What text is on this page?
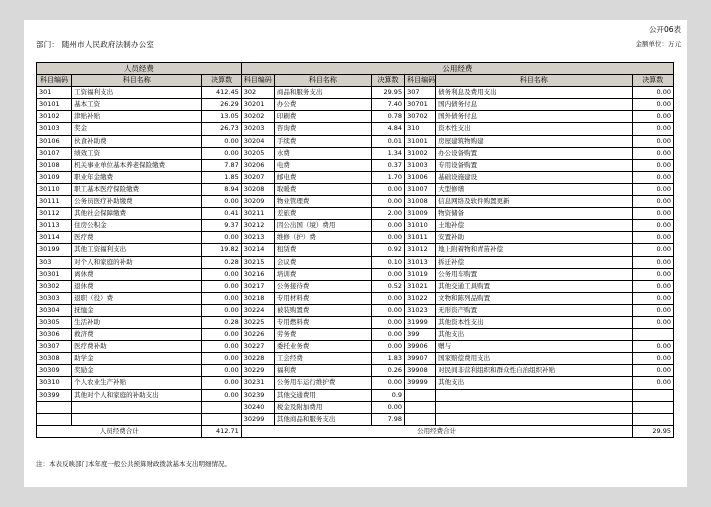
公开06表
部门： 随州市人民政府法制办公室	金额单位：万元
人员经费			公用经费					
科目编码	科目名称	决算数	科目编码	科目名称	决算数	科目编码	科目名称	决算数
301	工资福利支出	412.45	302	商品和服务支出	29.95	307	债务利息及费用支出	0.00
30101	基本工资	26.29	30201	办公费	7.40	30701	国内债务付息	0.00
30102	津贴补贴	13.05	30202	印刷费	0.78	30702	国外债务付息	0.00
30103	奖金	26.73	30203	咨询费	4.84	310	资本性支出	0.00
30106	伙食补助费	0.00	30204	手续费	0.01	31001	房屋建筑物购建	0.00
30107	绩效工资	0.00	30205	水费	1.34	31002	办公设备购置	0.00
30108	机关事业单位基本养老保险缴费	7.87	30206	电费	0.37	31003	专用设备购置	0.00
30109	职业年金缴费	1.85	30207	邮电费	1.70	31006	基础设施建设	0.00
30110	职工基本医疗保险缴费	8.94	30208	取暖费	0.00	31007	大型修缮	0.00
30111	公务员医疗补助缴费	0.00	30209	物业管理费	0.00	31008	信息网络及软件购置更新	0.00
30112	其他社会保障缴费	0.41	30211	差旅费	2.00	31009	物资储备	0.00
30113	住房公积金	9.37	30212	因公出国（境）费用	0.00	31010	土地补偿	0.00
30114	医疗费	0.00	30213	维修（护）费	0.00	31011	安置补助	0.00
30199	其他工资福利支出	19.82	30214	租赁费	0.92	31012	地上附着物和青苗补偿	0.00
303	对个人和家庭的补助	0.28	30215	会议费	0.10	31013	拆迁补偿	0.00
30301	离休费	0.00	30216	培训费	0.00	31019	公务用车购置	0.00
30302	退休费	0.00	30217	公务接待费	0.52	31021	其他交通工具购置	0.00
30303	退职（役）费	0.00	30218	专用材料费	0.00	31022	文物和陈列品购置	0.00
30304	抚恤金	0.00	30224	被装购置费	0.00	31023	无形资产购置	0.00
30305	生活补助	0.28	30225	专用燃料费	0.00	31999	其他资本性支出	0.00
30306	救济费	0.00	30226	劳务费	0.00	399	其他支出	
30307	医疗费补助	0.00	30227	委托业务费	0.00	39906	赠与	0.00
30308	助学金	0.00	30228	工会经费	1.83	39907	国家赔偿费用支出	0.00
30309	奖励金	0.00	30229	福利费	0.26	39908	对民间非营利组织和群众性自治组织补贴	0.00
30310	个人农业生产补贴	0.00	30231	公务用车运行维护费	0.00	39999	其他支出	0.00
30399	其他对个人和家庭的补助支出	0.00	30239	其他交通费用	0.9			
			30240	税金及附加费用	0.00			
			30299	其他商品和服务支出	7.98			
人员经费合计		412.71	公用经费合计					29.95
注：本表反映部门本年度一般公共预算财政拨款基本支出明细情况。
